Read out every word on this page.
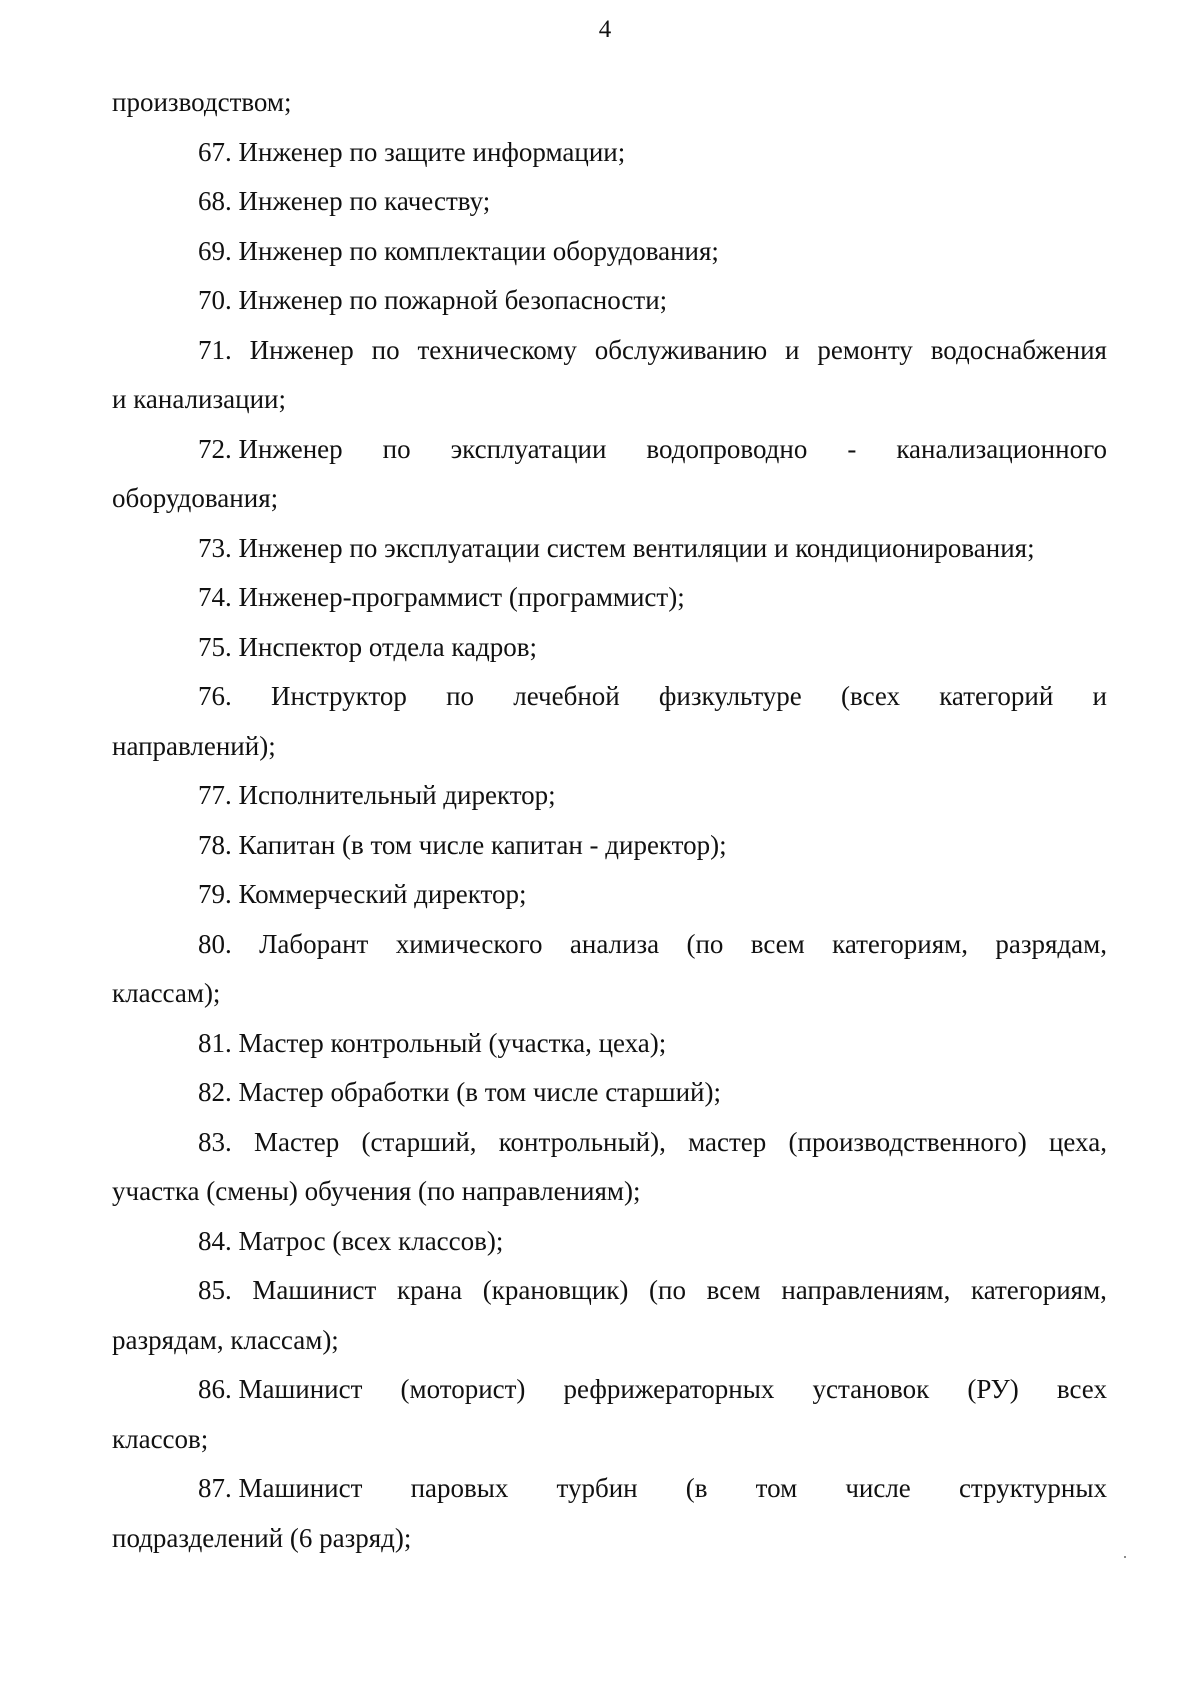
4
производством;
67. Инженер по защите информации;
68. Инженер по качеству;
69. Инженер по комплектации оборудования;
70. Инженер по пожарной безопасности;
71. Инженер по техническому обслуживанию и ремонту водоснабжения
и канализации;
72. Инженер по эксплуатации водопроводно - канализационного
оборудования;
73. Инженер по эксплуатации систем вентиляции и кондиционирования;
74. Инженер-программист (программист);
75. Инспектор отдела кадров;
76. Инструктор по лечебной физкультуре (всех категорий и
направлений);
77. Исполнительный директор;
78. Капитан (в том числе капитан - директор);
79. Коммерческий директор;
80. Лаборант химического анализа (по всем категориям, разрядам,
классам);
81. Мастер контрольный (участка, цеха);
82. Мастер обработки (в том числе старший);
83. Мастер (старший, контрольный), мастер (производственного) цеха,
участка (смены) обучения (по направлениям);
84. Матрос (всех классов);
85. Машинист крана (крановщик) (по всем направлениям, категориям,
разрядам, классам);
86. Машинист (моторист) рефрижераторных установок (РУ) всех
классов;
87. Машинист паровых турбин (в том числе структурных
подразделений (6 разряд);
